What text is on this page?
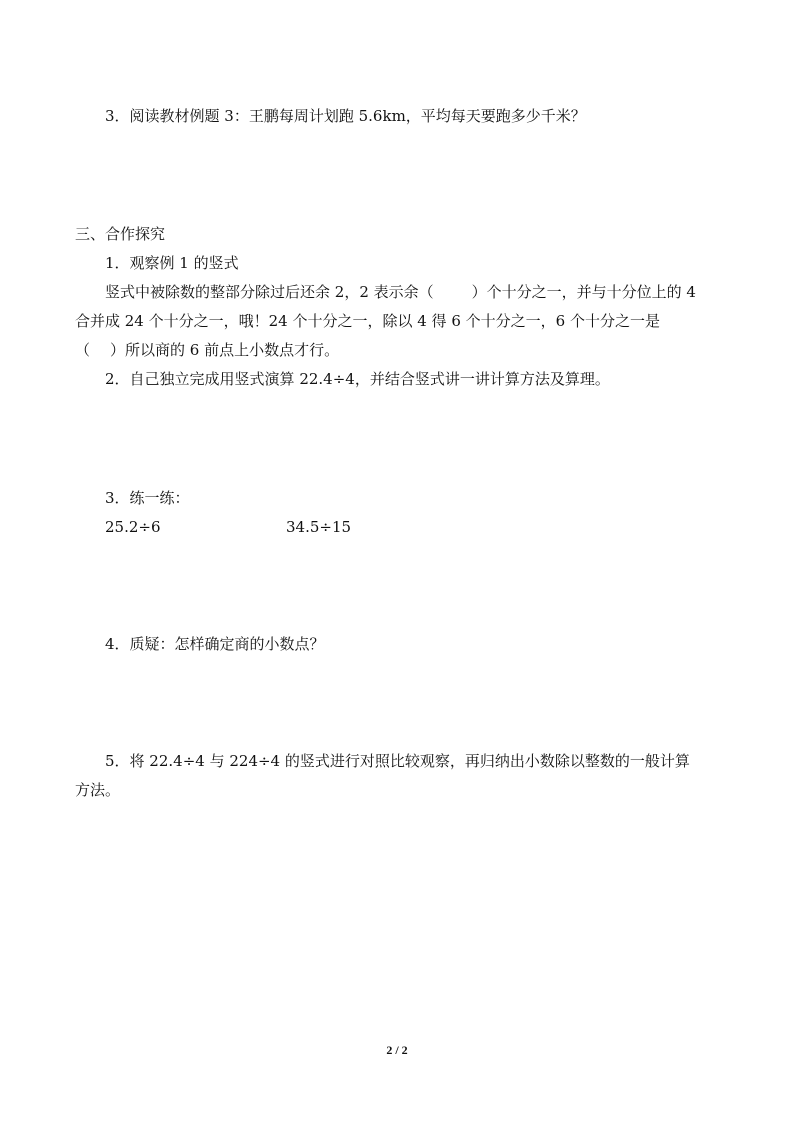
3．阅读教材例题 3：王鹏每周计划跑 5.6km，平均每天要跑多少千米？
三、合作探究
1．观察例 1 的竖式
竖式中被除数的整部分除过后还余 2，2 表示余（	）个十分之一，并与十分位上的 4
合并成 24 个十分之一，哦！24 个十分之一，除以 4 得 6 个十分之一，6 个十分之一是
（ ）所以商的 6 前点上小数点才行。
2．自己独立完成用竖式演算 22.4÷4，并结合竖式讲一讲计算方法及算理。
3．练一练：
25.2÷6	34.5÷15
4．质疑：怎样确定商的小数点？
5．将 22.4÷4 与 224÷4 的竖式进行对照比较观察，再归纳出小数除以整数的一般计算
方法。
2 / 2
